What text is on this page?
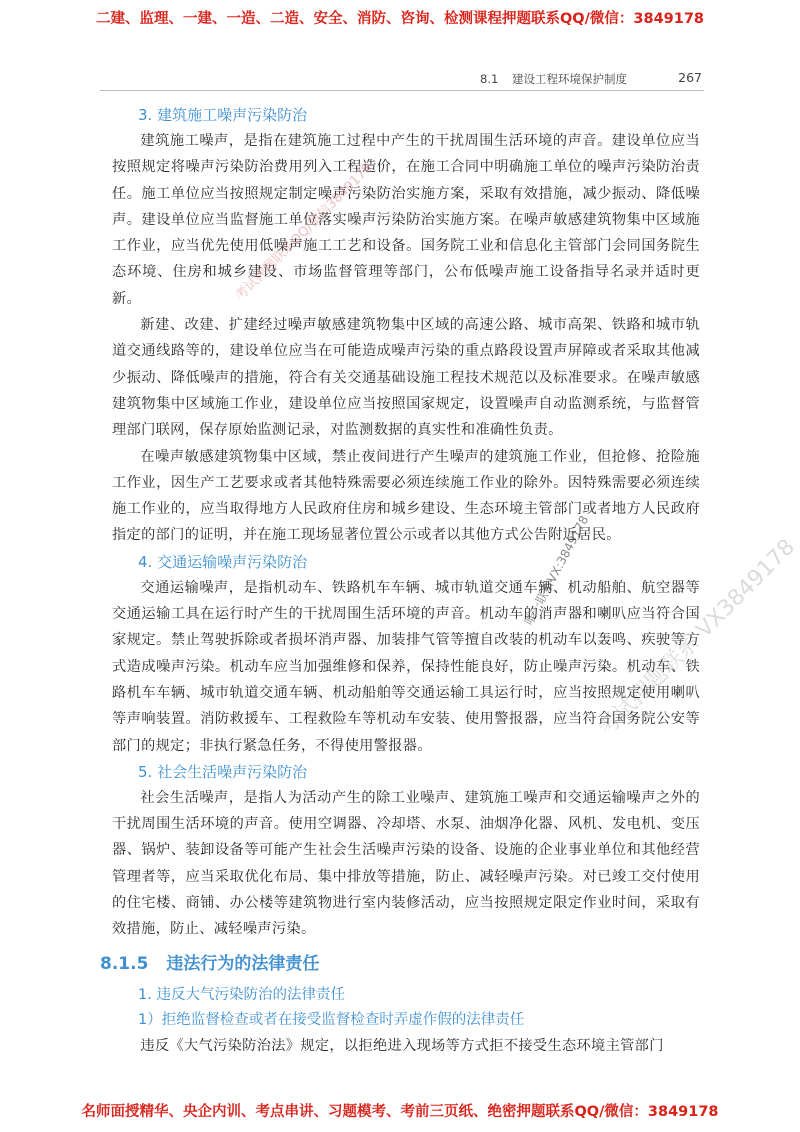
二建、监理、一建、一造、二造、安全、消防、咨询、检测课程押题联系QQ/微信：3849178
8.1 建设工程环境保护制度	267
3. 建筑施工噪声污染防治

建筑施工噪声，是指在建筑施工过程中产生的干扰周围生活环境的声音。建设单位应当按照规定将噪声污染防治费用列入工程造价，在施工合同中明确施工单位的噪声污染防治责任。施工单位应当按照规定制定噪声污染防治实施方案，采取有效措施，减少振动、降低噪声。建设单位应当监督施工单位落实噪声污染防治实施方案。在噪声敏感建筑物集中区域施工作业，应当优先使用低噪声施工工艺和设备。国务院工业和信息化主管部门会同国务院生态环境、住房和城乡建设、市场监督管理等部门，公布低噪声施工设备指导名录并适时更新。

新建、改建、扩建经过噪声敏感建筑物集中区域的高速公路、城市高架、铁路和城市轨道交通线路等的，建设单位应当在可能造成噪声污染的重点路段设置声屏障或者采取其他减少振动、降低噪声的措施，符合有关交通基础设施工程技术规范以及标准要求。在噪声敏感建筑物集中区域施工作业，建设单位应当按照国家规定，设置噪声自动监测系统，与监督管理部门联网，保存原始监测记录，对监测数据的真实性和准确性负责。

在噪声敏感建筑物集中区域，禁止夜间进行产生噪声的建筑施工作业，但抢修、抢险施工作业，因生产工艺要求或者其他特殊需要必须连续施工作业的除外。因特殊需要必须连续施工作业的，应当取得地方人民政府住房和城乡建设、生态环境主管部门或者地方人民政府指定的部门的证明，并在施工现场显著位置公示或者以其他方式公告附近居民。

4. 交通运输噪声污染防治

交通运输噪声，是指机动车、铁路机车车辆、城市轨道交通车辆、机动船舶、航空器等交通运输工具在运行时产生的干扰周围生活环境的声音。机动车的消声器和喇叭应当符合国家规定。禁止驾驶拆除或者损坏消声器、加装排气管等擅自改装的机动车以轰鸣、疾驶等方式造成噪声污染。机动车应当加强维修和保养，保持性能良好，防止噪声污染。机动车、铁路机车车辆、城市轨道交通车辆、机动船舶等交通运输工具运行时，应当按照规定使用喇叭等声响装置。消防救援车、工程救险车等机动车安装、使用警报器，应当符合国务院公安等部门的规定；非执行紧急任务，不得使用警报器。

5. 社会生活噪声污染防治

社会生活噪声，是指人为活动产生的除工业噪声、建筑施工噪声和交通运输噪声之外的干扰周围生活环境的声音。使用空调器、冷却塔、水泵、油烟净化器、风机、发电机、变压器、锅炉、装卸设备等可能产生社会生活噪声污染的设备、设施的企业事业单位和其他经营管理者等，应当采取优化布局、集中排放等措施，防止、减轻噪声污染。对已竣工交付使用的住宅楼、商铺、办公楼等建筑物进行室内装修活动，应当按照规定限定作业时间，采取有效措施，防止、减轻噪声污染。

8.1.5 违法行为的法律责任
1. 违反大气污染防治的法律责任
1）拒绝监督检查或者在接受监督检查时弄虚作假的法律责任

违反《大气污染防治法》规定，以拒绝进入现场等方式拒不接受生态环境主管部门

考试押题联系QQ/微信3849178
唯一联系VX:3849178 考试押题联系 VX3849178
名师面授精华、央企内训、考点串讲、习题模考、考前三页纸、绝密押题联系QQ/微信：3849178
